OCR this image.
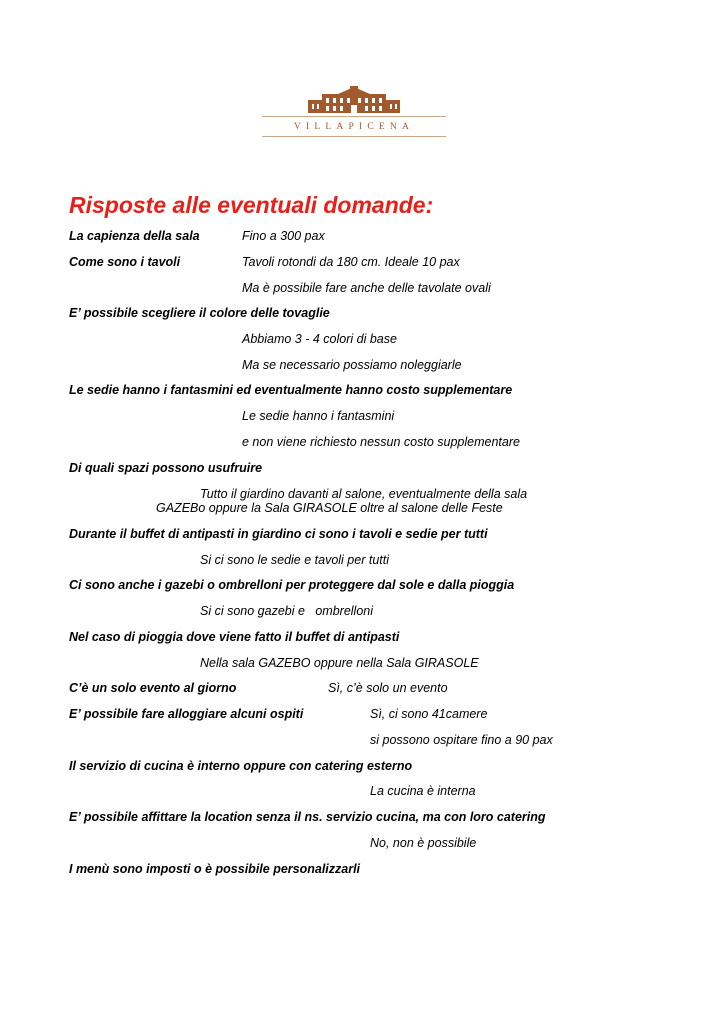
VILLAPICENA
Risposte alle eventuali domande:
La capienza della sala	Fino a 300 pax
Come sono i tavoli	Tavoli rotondi da 180 cm. Ideale 10 pax
Ma è possibile fare anche delle tavolate ovali
E’ possibile scegliere il colore delle tovaglie
Abbiamo 3 - 4 colori di base
Ma se necessario possiamo noleggiarle
Le sedie hanno i fantasmini ed eventualmente hanno costo supplementare
Le sedie hanno i fantasmini
e non viene richiesto nessun costo supplementare
Di quali spazi possono usufruire
Tutto il giardino davanti al salone, eventualmente della sala
GAZEBo oppure la Sala GIRASOLE oltre al salone delle Feste
Durante il buffet di antipasti in giardino ci sono i tavoli e sedie per tutti
Si ci sono le sedie e tavoli per tutti
Ci sono anche i gazebi o ombrelloni per proteggere dal sole e dalla pioggia
Si ci sono gazebi e   ombrelloni
Nel caso di pioggia dove viene fatto il buffet di antipasti
Nella sala GAZEBO oppure nella Sala GIRASOLE
C’è un solo evento al giorno	Sì, c’è solo un evento
E’ possibile fare alloggiare alcuni ospiti	Sì, ci sono 41camere
si possono ospitare fino a 90 pax
Il servizio di cucina è interno oppure con catering esterno
La cucina è interna
E’ possibile affittare la location senza il ns. servizio cucina, ma con loro catering
No, non è possibile
I menù sono imposti o è possibile personalizzarli
